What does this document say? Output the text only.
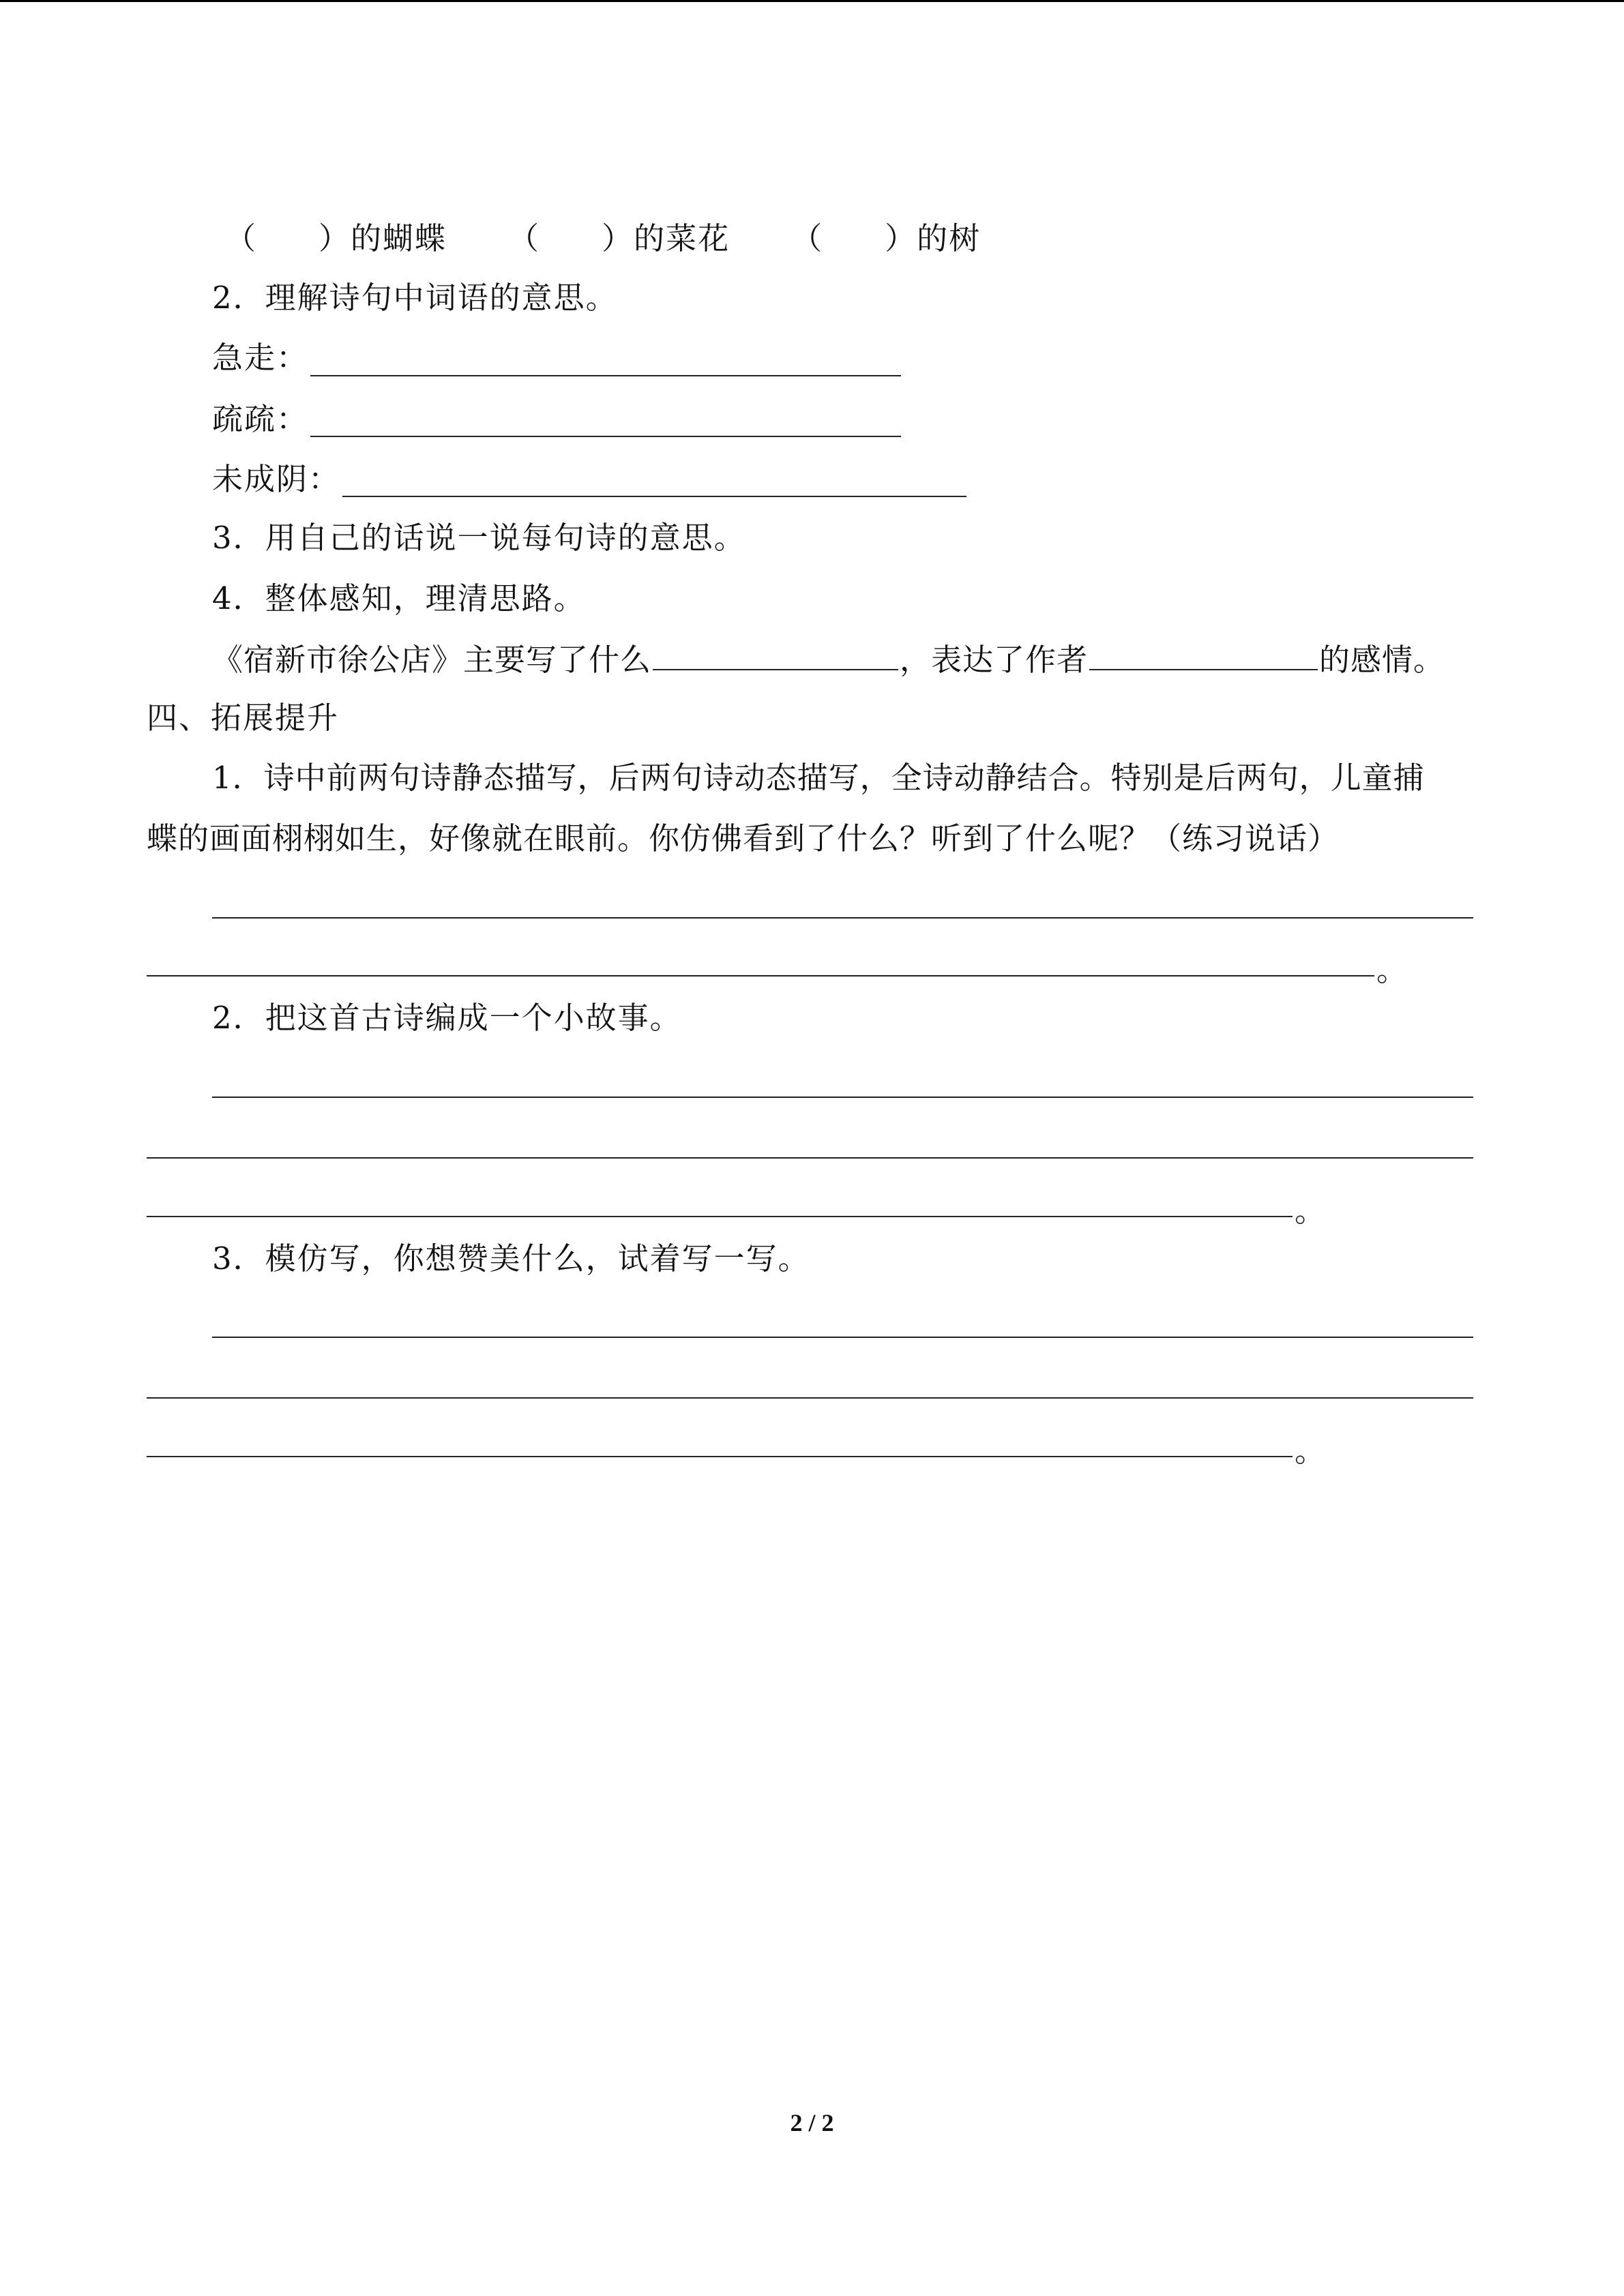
（ ）的蝴蝶 （ ）的菜花 （ ）的树
2．理解诗句中词语的意思。
急走：
疏疏：
未成阴：
3．用自己的话说一说每句诗的意思。
4．整体感知，理清思路。
《宿新市徐公店》主要写了什么	，表达了作者	的感情。
四、拓展提升
1．诗中前两句诗静态描写，后两句诗动态描写，全诗动静结合。特别是后两句，儿童捕
蝶的画面栩栩如生，好像就在眼前。你仿佛看到了什么？听到了什么呢？（练习说话）
。
2．把这首古诗编成一个小故事。
。
3．模仿写，你想赞美什么，试着写一写。
。
2 / 2
